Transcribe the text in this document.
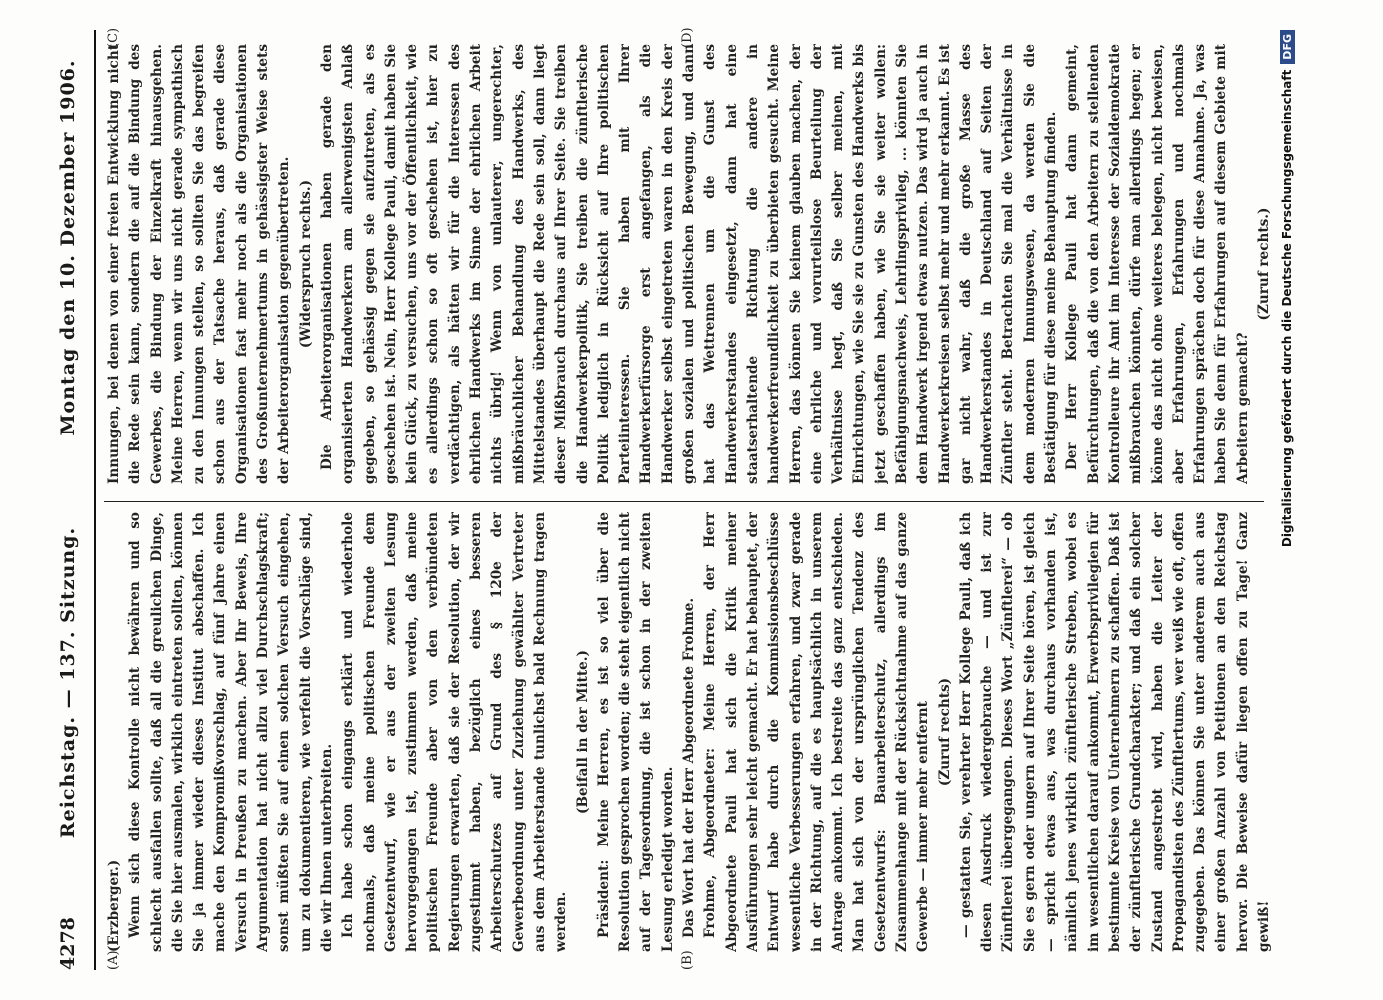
4278
Reichstag. — 137. Sitzung.
Montag den 10. Dezember 1906.
(A)	(B)
(C)	(D)

(Erzberger.) Wenn sich diese Kontrolle nicht bewähren und so schlecht ausfallen sollte, daß all die greulichen Dinge, die Sie hier ausmalen, wirklich eintreten sollten, können Sie ja immer wieder dieses Institut abschaffen. Ich mache den Kompromißvorschlag, auf fünf Jahre einen Versuch in Preußen zu machen. Aber Ihr Beweis, Ihre Argumentation hat nicht allzu viel Durchschlagskraft; sonst müßten Sie auf einen solchen Versuch eingehen, um zu dokumentieren, wie verfehlt die Vorschläge sind, die wir Ihnen unterbreiten. Ich habe schon eingangs erklärt und wiederhole nochmals, daß meine politischen Freunde dem Gesetzentwurf, wie er aus der zweiten Lesung hervorgegangen ist, zustimmen werden, daß meine politischen Freunde aber von den verbündeten Regierungen erwarten, daß sie der Resolution, der wir zugestimmt haben, bezüglich eines besseren Arbeiterschutzes auf Grund des § 120e der Gewerbeordnung unter Zuziehung gewählter Vertreter aus dem Arbeiterstande tunlichst bald Rechnung tragen werden.

(Beifall in der Mitte.) Präsident: Meine Herren, es ist so viel über die Resolution gesprochen worden; die steht eigentlich nicht auf der Tagesordnung, die ist schon in der zweiten Lesung erledigt worden. Das Wort hat der Herr Abgeordnete Frohme. Frohme, Abgeordneter: Meine Herren, der Herr Abgeordnete Pauli hat sich die Kritik meiner Ausführungen sehr leicht gemacht. Er hat behauptet, der Entwurf habe durch die Kommissionsbeschlüsse wesentliche Verbesserungen erfahren, und zwar gerade in der Richtung, auf die es hauptsächlich in unserem Antrage ankommt. Ich bestreite das ganz entschieden. Man hat sich von der ursprünglichen Tendenz des Gesetzentwurfs: Bauarbeiterschutz, allerdings im Zusammenhange mit der Rücksichtnahme auf das ganze Gewerbe — immer mehr entfernt (Zuruf rechts) — gestatten Sie, verehrter Herr Kollege Pauli, daß ich diesen Ausdruck wiedergebrauche — und ist zur Zünftlerei übergegangen. Dieses Wort „Zünftlerei“ — ob Sie es gern oder ungern auf Ihrer Seite hören, ist gleich — spricht etwas aus, was durchaus vorhanden ist, nämlich jenes wirklich zünftlerische Streben, wobei es im wesentlichen darauf ankommt, Erwerbsprivilegien für bestimmte Kreise von Unternehmern zu schaffen. Daß ist der zünftlerische Grundcharakter; und daß ein solcher Zustand angestrebt wird, haben die Leiter der Propagandisten des Zünftlertums, wer weiß wie oft, offen zugegeben. Das können Sie unter anderem auch aus einer großen Anzahl von Petitionen an den Reichstag hervor. Die Beweise dafür liegen offen zu Tage! Ganz gewiß!

Innungen, bei denen von einer freien Entwicklung nicht die Rede sein kann, sondern die auf die Bindung des Gewerbes, die Bindung der Einzelkraft hinausgehen. Meine Herren, wenn wir uns nicht gerade sympathisch zu den Innungen stellen, so sollten Sie das begreifen schon aus der Tatsache heraus, daß gerade diese Organisationen fast mehr noch als die Organisationen des Großunternehmertums in gehässigster Weise stets der Arbeiterorganisation gegenübertreten. (Widerspruch rechts.) Die Arbeiterorganisationen haben gerade den organisierten Handwerkern am allerwenigsten Anlaß gegeben, so gehässig gegen sie aufzutreten, als es geschehen ist. Nein, Herr Kollege Pauli, damit haben Sie kein Glück, zu versuchen, uns vor der Öffentlichkeit, wie es allerdings schon so oft geschehen ist, hier zu verdächtigen, als hätten wir für die Interessen des ehrlichen Handwerks im Sinne der ehrlichen Arbeit nichts übrig! Wenn von unlauterer, ungerechter, mißbräuchlicher Behandlung des Handwerks, des Mittelstandes überhaupt die Rede sein soll, dann liegt dieser Mißbrauch durchaus auf Ihrer Seite. Sie treiben die Handwerkerpolitik, Sie treiben die zünftlerische Politik lediglich in Rücksicht auf Ihre politischen Parteiinteressen. Sie haben mit Ihrer Handwerkerfürsorge erst angefangen, als die Handwerker selbst eingetreten waren in den Kreis der großen sozialen und politischen Bewegung, und dann hat das Wettrennen um die Gunst des Handwerkerstandes eingesetzt, dann hat eine staatserhaltende Richtung die andere in handwerkerfreundlichkeit zu überbieten gesucht. Meine Herren, das können Sie keinem glauben machen, der eine ehrliche und vorurteilslose Beurteilung der Verhältnisse hegt, daß Sie selber meinen, mit Einrichtungen, wie Sie sie zu Gunsten des Handwerks bis jetzt geschaffen haben, wie Sie sie weiter wollen: Befähigungsnachweis, Lehrlingsprivileg, ... könnten Sie dem Handwerk irgend etwas nutzen. Das wird ja auch in Handwerkerkreisen selbst mehr und mehr erkannt. Es ist gar nicht wahr, daß die große Masse des Handwerkerstandes in Deutschland auf Seiten der Zünftler steht. Betrachten Sie mal die Verhältnisse in dem modernen Innungswesen, da werden Sie die Bestätigung für diese meine Behauptung finden. Der Herr Kollege Pauli hat dann gemeint, Befürchtungen, daß die von den Arbeitern zu stellenden Kontrolleure ihr Amt im Interesse der Sozialdemokratie mißbrauchen könnten, dürfe man allerdings hegen; er könne das nicht ohne weiteres belegen, nicht beweisen, aber Erfahrungen, Erfahrungen und nochmals Erfahrungen sprächen doch für diese Annahme. Ja, was haben Sie denn für Erfahrungen auf diesem Gebiete mit Arbeitern gemacht?

(Zuruf rechts.) Digitalisierung gefördert durch die Deutsche ForschungsgemeinschaftDFG
